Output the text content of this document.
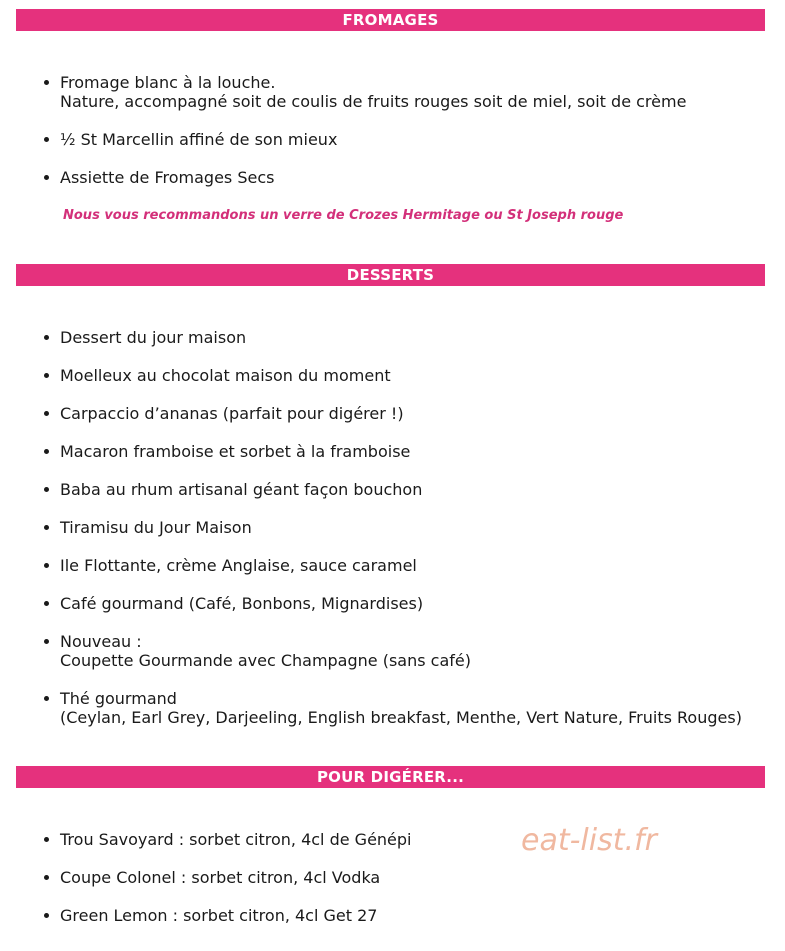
FROMAGES
Fromage blanc à la louche.
Nature, accompagné soit de coulis de fruits rouges soit de miel, soit de crème
½ St Marcellin affiné de son mieux
Assiette de Fromages Secs
Nous vous recommandons un verre de Crozes Hermitage ou St Joseph rouge
DESSERTS
Dessert du jour maison
Moelleux au chocolat maison du moment
Carpaccio d’ananas (parfait pour digérer !)
Macaron framboise et sorbet à la framboise
Baba au rhum artisanal géant façon bouchon
Tiramisu du Jour Maison
Ile Flottante, crème Anglaise, sauce caramel
Café gourmand (Café, Bonbons, Mignardises)
Nouveau :
Coupette Gourmande avec Champagne (sans café)
Thé gourmand
(Ceylan, Earl Grey, Darjeeling, English breakfast, Menthe, Vert Nature, Fruits Rouges)
POUR DIGÉRER...
Trou Savoyard : sorbet citron, 4cl de Génépi
Coupe Colonel : sorbet citron, 4cl Vodka
Green Lemon : sorbet citron, 4cl Get 27
eat-list.fr
